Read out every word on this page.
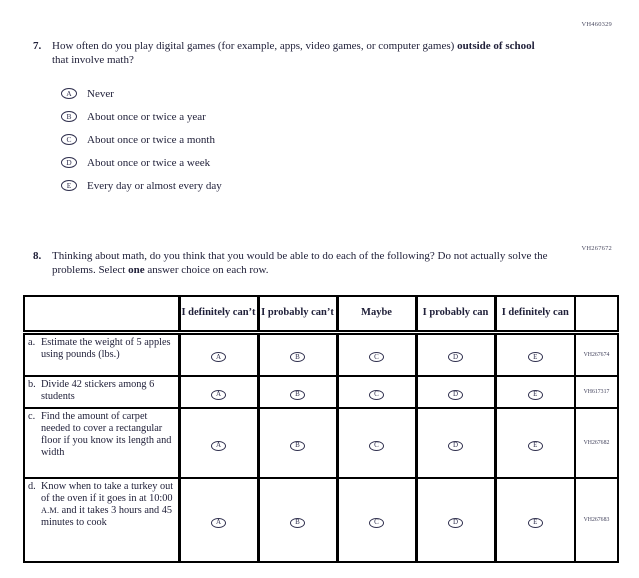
VH460329
7. How often do you play digital games (for example, apps, video games, or computer games) outside of school that involve math?

A	Never
B	About once or twice a year
C	About once or twice a month
D	About once or twice a week
E	Every day or almost every day
VH267672
8. Thinking about math, do you think that you would be able to do each of the following? Do not actually solve the problems. Select one answer choice on each row.

	I definitely can’t	I probably can’t	Maybe	I probably can	I definitely can	

a. Estimate the weight of 5 apples using pounds (lbs.)	A	B	C	D	E	VH267674

b. Divide 42 stickers among 6 students	A	B	C	D	E	VH617317

c. Find the amount of carpet needed to cover a rectangular floor if you know its length and width	A	B	C	D	E	VH267682

d. Know when to take a turkey out of the oven if it goes in at 10:00 A.M. and it takes 3 hours and 45 minutes to cook	A	B	C	D	E	VH267683
